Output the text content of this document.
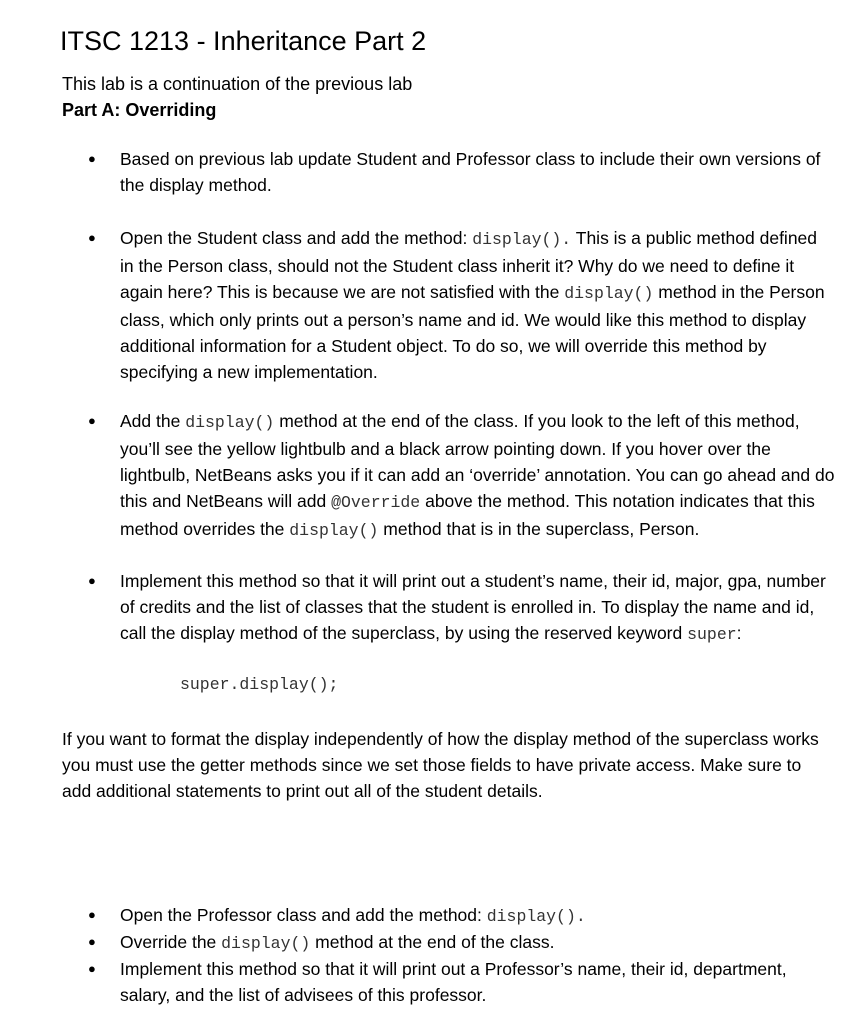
ITSC 1213 - Inheritance Part 2
This lab is a continuation of the previous lab
Part A: Overriding
● Based on previous lab update Student and Professor class to include their own versions of the display method.
● Open the Student class and add the method: display(). This is a public method defined in the Person class, should not the Student class inherit it? Why do we need to define it again here? This is because we are not satisfied with the display() method in the Person class, which only prints out a person’s name and id. We would like this method to display additional information for a Student object. To do so, we will override this method by specifying a new implementation.
● Add the display() method at the end of the class. If you look to the left of this method, you’ll see the yellow lightbulb and a black arrow pointing down. If you hover over the lightbulb, NetBeans asks you if it can add an ‘override’ annotation. You can go ahead and do this and NetBeans will add @Override above the method. This notation indicates that this method overrides the display() method that is in the superclass, Person.
● Implement this method so that it will print out a student’s name, their id, major, gpa, number of credits and the list of classes that the student is enrolled in. To display the name and id, call the display method of the superclass, by using the reserved keyword super:
super.display();
If you want to format the display independently of how the display method of the superclass works you must use the getter methods since we set those fields to have private access. Make sure to add additional statements to print out all of the student details.
● Open the Professor class and add the method: display().
● Override the display() method at the end of the class.
● Implement this method so that it will print out a Professor’s name, their id, department, salary, and the list of advisees of this professor.
